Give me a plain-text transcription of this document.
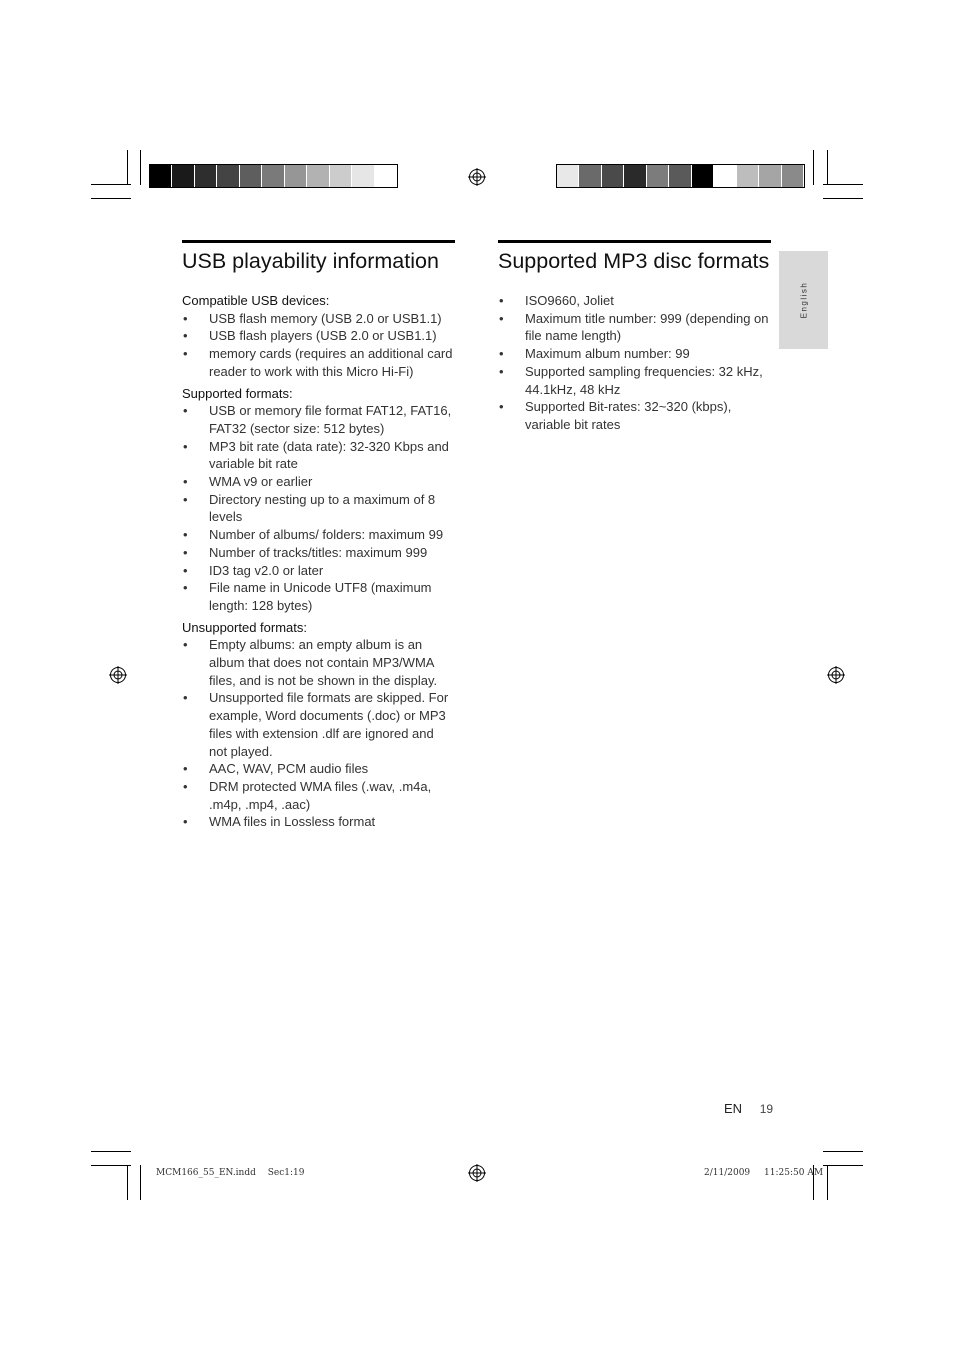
USB playability information
Compatible USB devices:
• USB flash memory (USB 2.0 or USB1.1)
• USB flash players (USB 2.0 or USB1.1)
• memory cards (requires an additional card reader to work with this Micro Hi-Fi)
Supported formats:
• USB or memory file format FAT12, FAT16, FAT32 (sector size: 512 bytes)
• MP3 bit rate (data rate): 32-320 Kbps and variable bit rate
• WMA v9 or earlier
• Directory nesting up to a maximum of 8 levels
• Number of albums/ folders: maximum 99
• Number of tracks/titles: maximum 999
• ID3 tag v2.0 or later
• File name in Unicode UTF8 (maximum length: 128 bytes)
Unsupported formats:
• Empty albums: an empty album is an album that does not contain MP3/WMA files, and is not be shown in the display.
• Unsupported file formats are skipped. For example, Word documents (.doc) or MP3 files with extension .dlf are ignored and not played.
• AAC, WAV, PCM audio files
• DRM protected WMA files (.wav, .m4a, .m4p, .mp4, .aac)
• WMA files in Lossless format
Supported MP3 disc formats
• ISO9660, Joliet
• Maximum title number: 999 (depending on file name length)
• Maximum album number: 99
• Supported sampling frequencies: 32 kHz, 44.1kHz, 48 kHz
• Supported Bit-rates: 32~320 (kbps), variable bit rates
English
EN 19
MCM166_55_EN.indd Sec1:19	2/11/2009 11:25:50 AM
